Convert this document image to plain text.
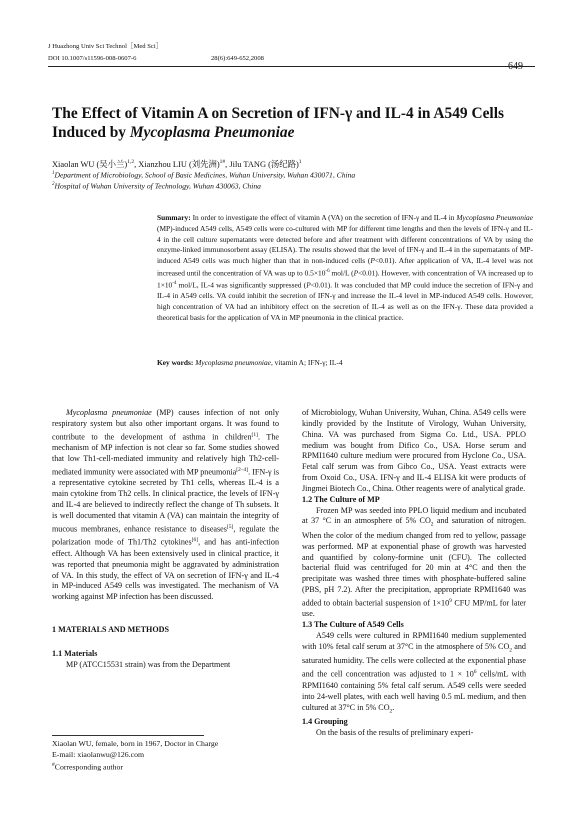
J Huazhong Univ Sci Technol［Med Sci］
DOI 10.1007/s11596-008-0607-6	28(6):649-652,2008
649
The Effect of Vitamin A on Secretion of IFN-γ and IL-4 in A549 Cells
Induced by Mycoplasma Pneumoniae
Xiaolan WU (吴小兰)$^{1,2}$, Xianzhou LIU (刘先洲)$^{1\#}$, Jilu TANG (汤纪路)$^1$
$^1$Department of Microbiology, School of Basic Medicines, Wuhan University, Wuhan 430071, China
$^2$Hospital of Wuhan University of Technology, Wuhan 430063, China
Summary: In order to investigate the effect of vitamin A (VA) on the secretion of IFN-γ and IL-4 in Mycoplasma Pneumoniae (MP)-induced A549 cells, A549 cells were co-cultured with MP for different time lengths and then the levels of IFN-γ and IL-4 in the cell culture supernatants were detected before and after treatment with different concentrations of VA by using the enzyme-linked immunosorbent assay (ELISA). The results showed that the level of IFN-γ and IL-4 in the supernatants of MP-induced A549 cells was much higher than that in non-induced cells (P<0.01). After application of VA, IL-4 level was not increased until the concentration of VA was up to $0.5\times 10^{-6}$ mol/L (P<0.01). However, with concentration of VA increased up to $1\times 10^{-4}$ mol/L, IL-4 was significantly suppressed (P<0.01). It was concluded that MP could induce the secretion of IFN-γ and IL-4 in A549 cells. VA could inhibit the secretion of IFN-γ and increase the IL-4 level in MP-induced A549 cells. However, high concentration of VA had an inhibitory effect on the secretion of IL-4 as well as on the IFN-γ. These data provided a theoretical basis for the application of VA in MP pneumonia in the clinical practice.
Key words: Mycoplasma pneumoniae, vitamin A; IFN-γ; IL-4

Mycoplasma pneumoniae (MP) causes infection of not only respiratory system but also other important organs. It was found to contribute to the development of asthma in children[1]. The mechanism of MP infection is not clear so far. Some studies showed that low Th1-cell-mediated immunity and relatively high Th2-cell-mediated immunity were associated with MP pneumonia[2–4]. IFN-γ is a representative cytokine secreted by Th1 cells, whereas IL-4 is a main cytokine from Th2 cells. In clinical practice, the levels of IFN-γ and IL-4 are believed to indirectly reflect the change of Th subsets. It is well documented that vitamin A (VA) can maintain the integrity of mucous membranes, enhance resistance to diseases[5], regulate the polarization mode of Th1/Th2 cytokines[6], and has anti-infection effect. Although VA has been extensively used in clinical practice, it was reported that pneumonia might be aggravated by administration of VA. In this study, the effect of VA on secretion of IFN-γ and IL-4 in MP-induced A549 cells was investigated. The mechanism of VA working against MP infection has been discussed.

1 MATERIALS AND METHODS

1.1 Materials

MP (ATCC15531 strain) was from the Department

of Microbiology, Wuhan University, Wuhan, China. A549 cells were kindly provided by the Institute of Virology, Wuhan University, China. VA was purchased from Sigma Co. Ltd., USA. PPLO medium was bought from Difico Co., USA. Horse serum and RPMI1640 culture medium were procured from Hyclone Co., USA. Fetal calf serum was from Gibco Co., USA. Yeast extracts were from Oxoid Co., USA. IFN-γ and IL-4 ELISA kit were products of Jingmei Biotech Co., China. Other reagents were of analytical grade.

1.2 The Culture of MP

Frozen MP was seeded into PPLO liquid medium and incubated at 37 °C in an atmosphere of 5% $CO_2$ and saturation of nitrogen. When the color of the medium changed from red to yellow, passage was performed. MP at exponential phase of growth was harvested and quantified by colony-formine unit (CFU). The collected bacterial fluid was centrifuged for 20 min at 4°C and then the precipitate was washed three times with phosphate-buffered saline (PBS, pH 7.2). After the precipitation, appropriate RPMI1640 was added to obtain bacterial suspension of $1\times 10^9$ CFU MP/mL for later use.

1.3 The Culture of A549 Cells

A549 cells were cultured in RPMI1640 medium supplemented with 10% fetal calf serum at 37°C in the atmosphere of 5% $CO_2$ and saturated humidity. The cells were collected at the exponential phase and the cell concentration was adjusted to $1 \times 10^6$ cells/mL with RPMI1640 containing 5% fetal calf serum. A549 cells were seeded into 24-well plates, with each well having 0.5 mL medium, and then cultured at 37°C in 5% $CO_2$.

1.4 Grouping

On the basis of the results of preliminary experi-

Xiaolan WU, female, born in 1967, Doctor in Charge
E-mail: xiaolanwu@126.com
#Corresponding author
